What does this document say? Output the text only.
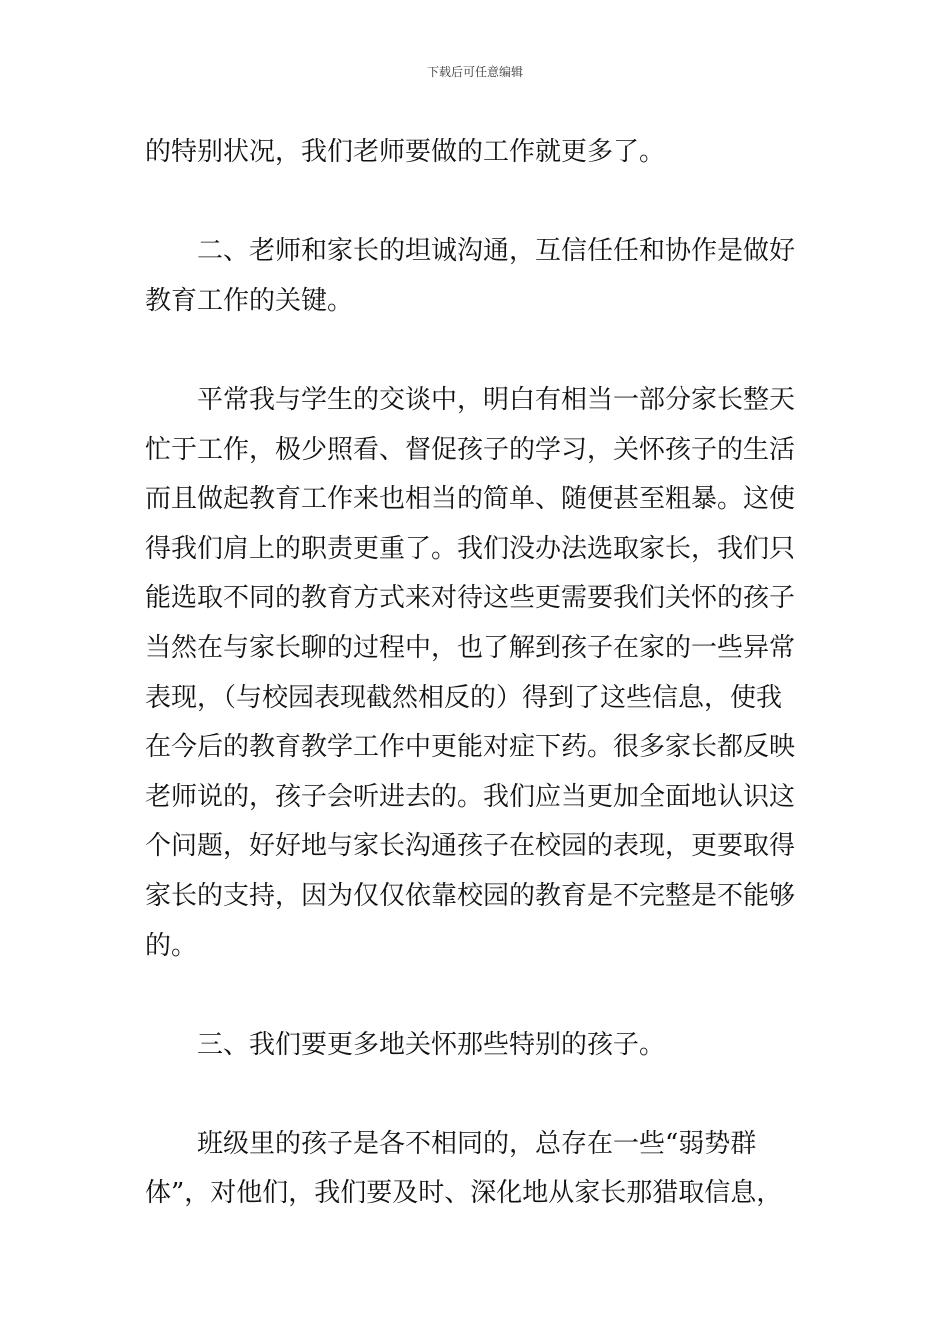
下载后可任意编辑
的特别状况，我们老师要做的工作就更多了。
二、老师和家长的坦诚沟通，互信任任和协作是做好
教育工作的关键。
平常我与学生的交谈中，明白有相当一部分家长整天
忙于工作，极少照看、督促孩子的学习，关怀孩子的生活
而且做起教育工作来也相当的简单、随便甚至粗暴。这使
得我们肩上的职责更重了。我们没办法选取家长，我们只
能选取不同的教育方式来对待这些更需要我们关怀的孩子
当然在与家长聊的过程中，也了解到孩子在家的一些异常
表现，（与校园表现截然相反的）得到了这些信息，使我
在今后的教育教学工作中更能对症下药。很多家长都反映
老师说的，孩子会听进去的。我们应当更加全面地认识这
个问题，好好地与家长沟通孩子在校园的表现，更要取得
家长的支持，因为仅仅依靠校园的教育是不完整是不能够
的。
三、我们要更多地关怀那些特别的孩子。
班级里的孩子是各不相同的，总存在一些“弱势群
体”，对他们，我们要及时、深化地从家长那猎取信息，
